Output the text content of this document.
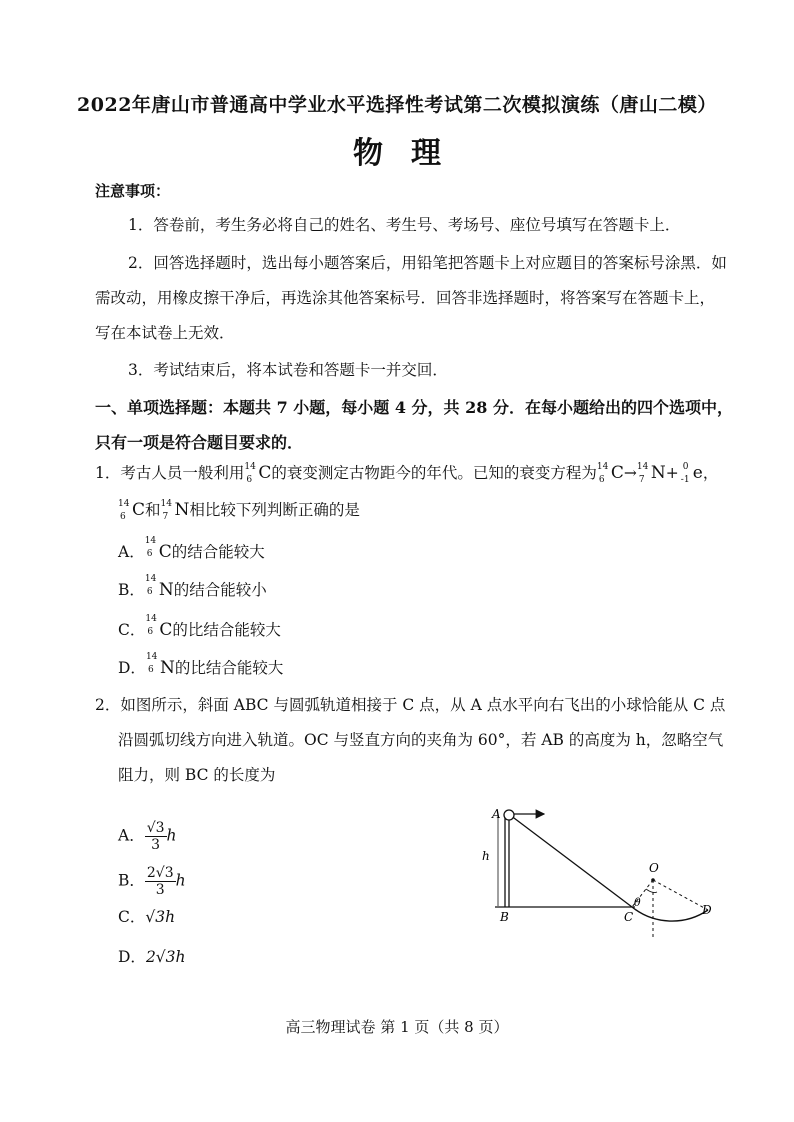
2022年唐山市普通高中学业水平选择性考试第二次模拟演练（唐山二模）
物理
注意事项：
1．答卷前，考生务必将自己的姓名、考生号、考场号、座位号填写在答题卡上．
2．回答选择题时，选出每小题答案后，用铅笔把答题卡上对应题目的答案标号涂黑．如
需改动，用橡皮擦干净后，再选涂其他答案标号．回答非选择题时，将答案写在答题卡上，
写在本试卷上无效．
3．考试结束后，将本试卷和答题卡一并交回．
一、单项选择题：本题共 7 小题，每小题 4 分，共 28 分．在每小题给出的四个选项中，
只有一项是符合题目要求的．
1．考古人员一般利用 14
6 C的衰变测定古物距今的年代。已知的衰变方程为 14
6 C→ 14
7 N+ 0
-1 e，
14
6 C和 14
7 N相比较下列判断正确的是
A．
14
6 C的结合能较大
B．
14
6 N的结合能较小
C．
14
6 C的比结合能较大
D．
14
6 N的比结合能较大
2．如图所示，斜面 ABC 与圆弧轨道相接于 C 点，从 A 点水平向右飞出的小球恰能从 C 点
沿圆弧切线方向进入轨道。OC 与竖直方向的夹角为 60°，若 AB 的高度为 h，忽略空气
阻力，则 BC 的长度为
A． $\frac{√3}{3}$ h
B． $\frac{2√3}{3}$ h
C．√3h
D．2√3h
A
B	C	D
O
h
θ
高三物理试卷 第 1 页（共 8 页）
